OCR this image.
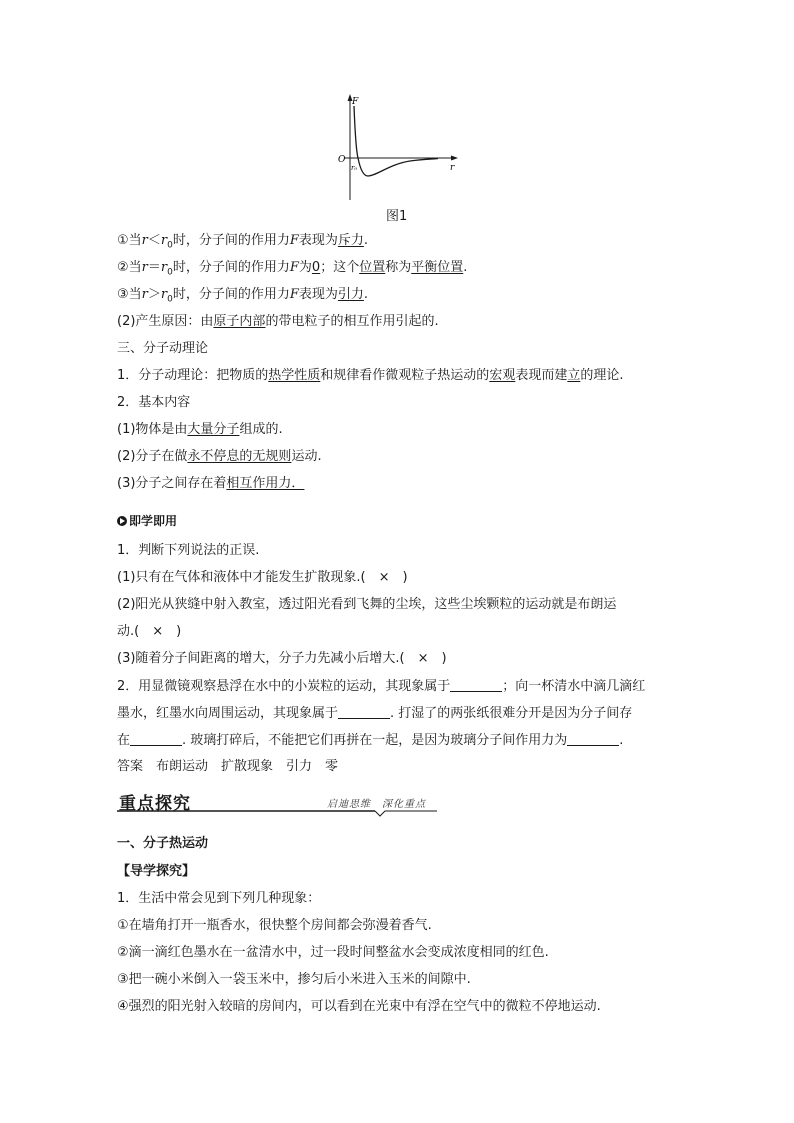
F
r
O
r₀
图1
①当$r<r_0$时，分子间的作用力F表现为斥力.
②当$r=r_0$时，分子间的作用力F为0；这个位置称为平衡位置.
③当$r>r_0$时，分子间的作用力F表现为引力.
(2)产生原因：由原子内部的带电粒子的相互作用引起的.
三、分子动理论
1．分子动理论：把物质的热学性质和规律看作微观粒子热运动的宏观表现而建立的理论.
2．基本内容
(1)物体是由大量分子组成的.
(2)分子在做永不停息的无规则运动.
(3)分子之间存在着相互作用力．
即学即用
1．判断下列说法的正误.
(1)只有在气体和液体中才能发生扩散现象.(　×　)
(2)阳光从狭缝中射入教室，透过阳光看到飞舞的尘埃，这些尘埃颗粒的运动就是布朗运
动.(　×　)
(3)随着分子间距离的增大，分子力先减小后增大.(　×　)
2．用显微镜观察悬浮在水中的小炭粒的运动，其现象属于	；向一杯清水中滴几滴红
墨水，红墨水向周围运动，其现象属于	. 打湿了的两张纸很难分开是因为分子间存
在	. 玻璃打碎后，不能把它们再拼在一起，是因为玻璃分子间作用力为	.
答案　布朗运动　扩散现象　引力　零
重点探究	启迪思维　深化重点
一、分子热运动
【导学探究】
1．生活中常会见到下列几种现象：
①在墙角打开一瓶香水，很快整个房间都会弥漫着香气.
②滴一滴红色墨水在一盆清水中，过一段时间整盆水会变成浓度相同的红色.
③把一碗小米倒入一袋玉米中，掺匀后小米进入玉米的间隙中.
④强烈的阳光射入较暗的房间内，可以看到在光束中有浮在空气中的微粒不停地运动.
